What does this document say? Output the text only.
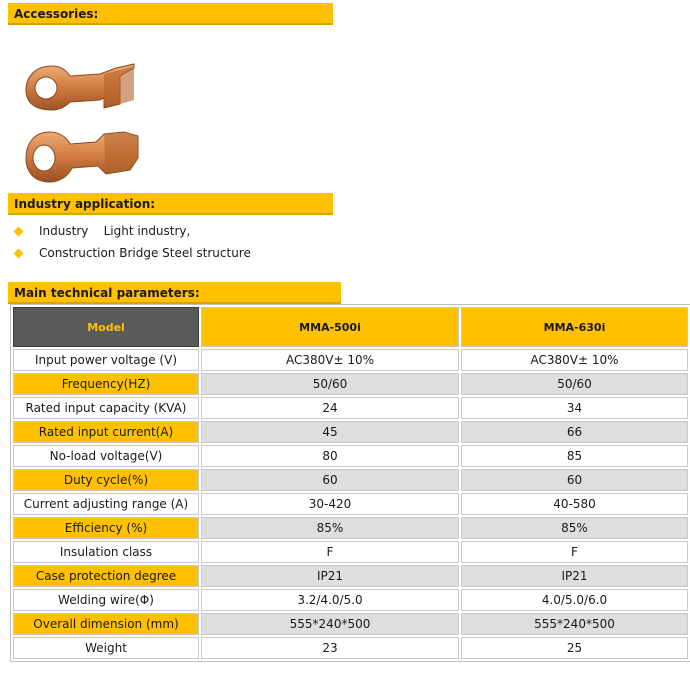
Accessories:
Industry application:
Industry    Light industry,
Construction Bridge Steel structure
Main technical parameters:
Model	MMA-500i	MMA-630i
Input power voltage (V)	AC380V± 10%	AC380V± 10%
Frequency(HZ)	50/60	50/60
Rated input capacity (KVA)	24	34
Rated input current(A)	45	66
No-load voltage(V)	80	85
Duty cycle(%)	60	60
Current adjusting range (A)	30-420	40-580
Efficiency (%)	85%	85%
Insulation class	F	F
Case protection degree	IP21	IP21
Welding wire(Φ)	3.2/4.0/5.0	4.0/5.0/6.0
Overall dimension (mm)	555*240*500	555*240*500
Weight	23	25
